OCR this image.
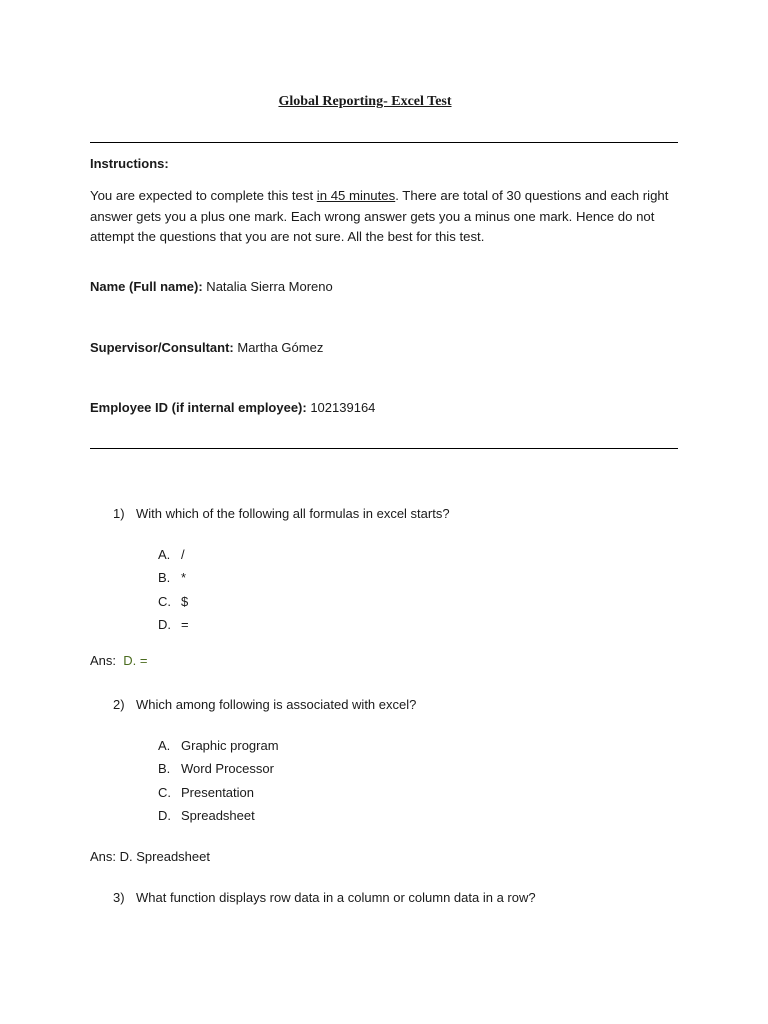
Global Reporting- Excel Test
Instructions:
You are expected to complete this test in 45 minutes. There are total of 30 questions and each right answer gets you a plus one mark. Each wrong answer gets you a minus one mark. Hence do not attempt the questions that you are not sure. All the best for this test.
Name (Full name): Natalia Sierra Moreno
Supervisor/Consultant: Martha Gómez
Employee ID (if internal employee): 102139164
1) With which of the following all formulas in excel starts?
A. /
B. *
C. $
D. =
Ans: D. =
2) Which among following is associated with excel?
A. Graphic program
B. Word Processor
C. Presentation
D. Spreadsheet
Ans: D. Spreadsheet
3) What function displays row data in a column or column data in a row?
